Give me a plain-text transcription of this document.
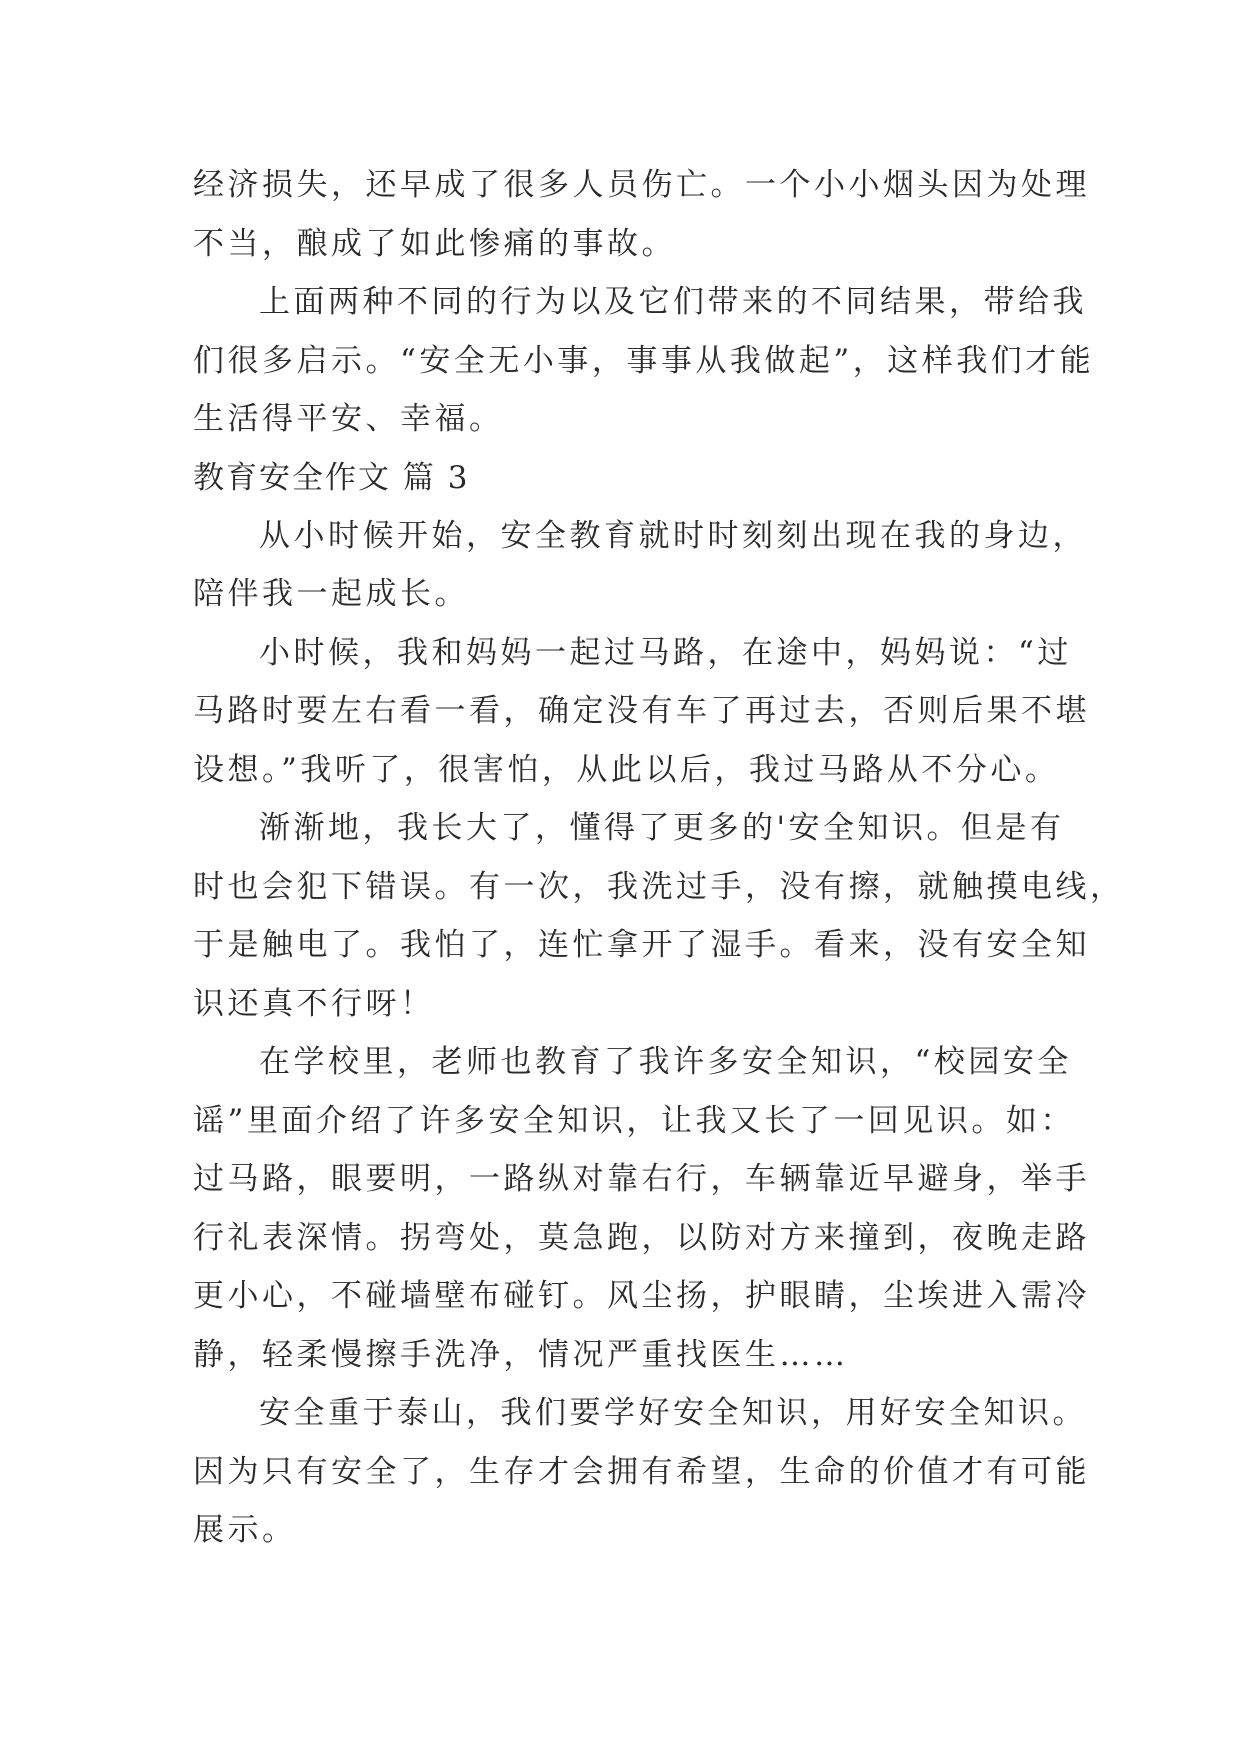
经济损失，还早成了很多人员伤亡。一个小小烟头因为处理
不当，酿成了如此惨痛的事故。
上面两种不同的行为以及它们带来的不同结果，带给我
们很多启示。“安全无小事，事事从我做起”，这样我们才能
生活得平安、幸福。
教育安全作文 篇 3
从小时候开始，安全教育就时时刻刻出现在我的身边，
陪伴我一起成长。
小时候，我和妈妈一起过马路，在途中，妈妈说：“过
马路时要左右看一看，确定没有车了再过去，否则后果不堪
设想。”我听了，很害怕，从此以后，我过马路从不分心。
渐渐地，我长大了，懂得了更多的'安全知识。但是有
时也会犯下错误。有一次，我洗过手，没有擦，就触摸电线，
于是触电了。我怕了，连忙拿开了湿手。看来，没有安全知
识还真不行呀！
在学校里，老师也教育了我许多安全知识，“校园安全
谣”里面介绍了许多安全知识，让我又长了一回见识。如：
过马路，眼要明，一路纵对靠右行，车辆靠近早避身，举手
行礼表深情。拐弯处，莫急跑，以防对方来撞到，夜晚走路
更小心，不碰墙壁布碰钉。风尘扬，护眼睛，尘埃进入需冷
静，轻柔慢擦手洗净，情况严重找医生……
安全重于泰山，我们要学好安全知识，用好安全知识。
因为只有安全了，生存才会拥有希望，生命的价值才有可能
展示。
